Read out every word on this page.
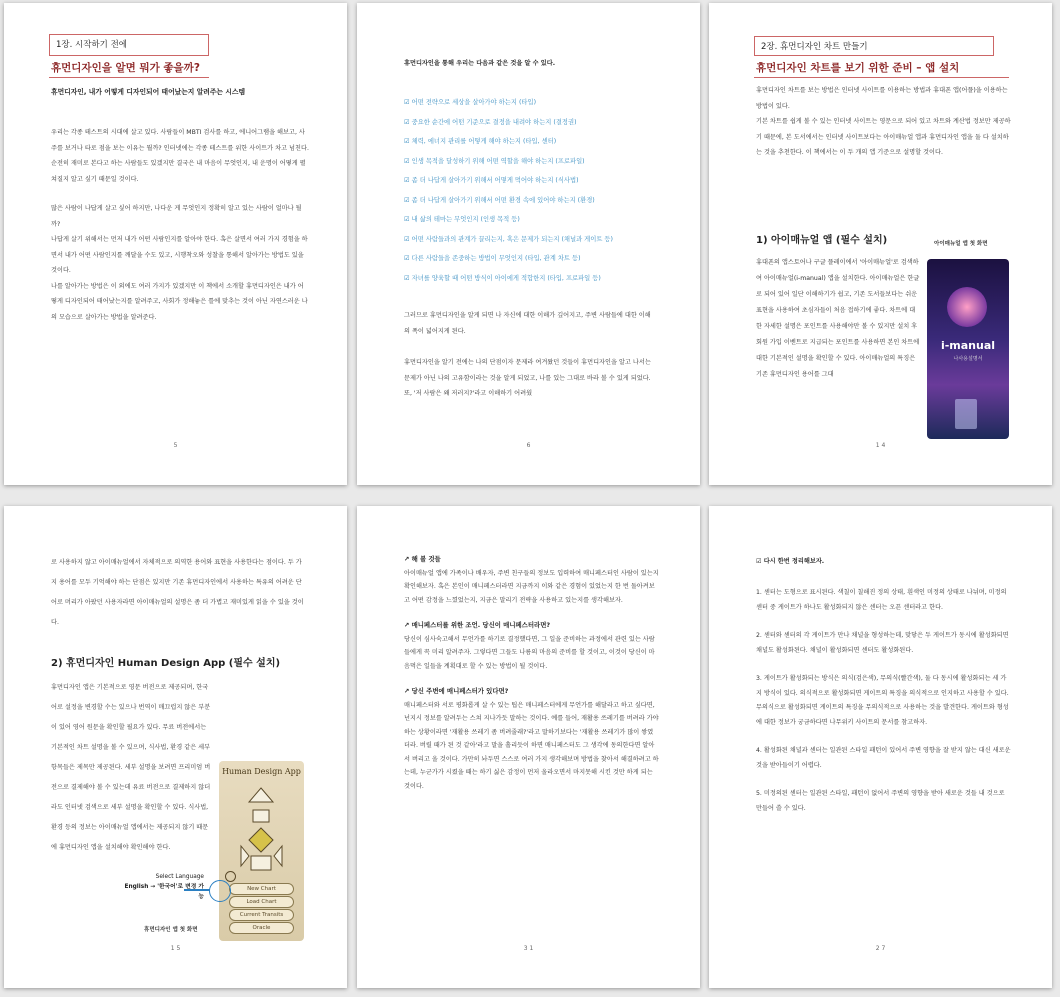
1장. 시작하기 전에
휴먼디자인을 알면 뭐가 좋을까?
휴먼디자인, 내가 어떻게 디자인되어 태어났는지 알려주는 시스템

우리는 각종 테스트의 시대에 살고 있다. 사람들이 MBTI 검사를 하고, 에니어그램을 해보고, 사주를 보거나 타로 점을 보는 이유는 뭘까? 인터넷에는 각종 테스트를 위한 사이트가 차고 넘친다.

순전히 재미로 본다고 하는 사람들도 있겠지만 결국은 내 마음이 무엇인지, 내 운명이 어떻게 펼쳐질지 알고 싶기 때문일 것이다.

많은 사람이 나답게 살고 싶어 하지만, 나다운 게 무엇인지 정확히 알고 있는 사람이 얼마나 될까?

나답게 살기 위해서는 먼저 내가 어떤 사람인지를 알아야 한다. 혹은 살면서 여러 가지 경험을 하면서 내가 어떤 사람인지를 깨달을 수도 있고, 시행착오와 성찰을 통해서 알아가는 방법도 있을 것이다.

나를 알아가는 방법은 이 외에도 여러 가지가 있겠지만 이 책에서 소개할 휴먼디자인은 내가 어떻게 디자인되어 태어났는지를 알려주고, 사회가 정해놓은 틀에 맞추는 것이 아닌 자연스러운 나의 모습으로 살아가는 방법을 알려준다.

5
휴먼디자인을 통해 우리는 다음과 같은 것을 알 수 있다.
☑ 어떤 전략으로 세상을 살아가야 하는지 (타입)
☑ 중요한 순간에 어떤 기준으로 결정을 내려야 하는지 (결정권)
☑ 체력, 에너지 관리를 어떻게 해야 하는지 (타입, 센터)
☑ 인생 목적을 달성하기 위해 어떤 역할을 해야 하는지 (프로파일)
☑ 좀 더 나답게 살아가기 위해서 어떻게 먹어야 하는지 (식사법)
☑ 좀 더 나답게 살아가기 위해서 어떤 환경 속에 있어야 하는지 (환경)
☑ 내 삶의 테마는 무엇인지 (인생 목적 등)
☑ 어떤 사람들과의 관계가 끌리는지, 혹은 문제가 되는지 (채널과 게이트 등)
☑ 다른 사람들을 존중하는 방법이 무엇인지 (타입, 관계 차트 등)
☑ 자녀를 양육할 때 어떤 방식이 아이에게 적합한지 (타입, 프로파일 등)

그러므로 휴먼디자인을 알게 되면 나 자신에 대한 이해가 깊어지고, 주변 사람들에 대한 이해의 폭이 넓어지게 된다.

휴먼디자인을 알기 전에는 나의 단점이자 문제라 여겨왔던 것들이 휴먼디자인을 알고 나서는 문제가 아닌 나의 고유함이라는 것을 알게 되었고, 나를 있는 그대로 바라 볼 수 있게 되었다. 또, '저 사람은 왜 저러지?'라고 이해하기 어려웠

6
2장. 휴먼디자인 차트 만들기
휴먼디자인 차트를 보기 위한 준비 – 앱 설치

휴먼디자인 차트를 보는 방법은 인터넷 사이트를 이용하는 방법과 휴대폰 앱(어플)을 이용하는 방법이 있다.

기본 차트를 쉽게 볼 수 있는 인터넷 사이트는 영문으로 되어 있고 차트와 계산법 정보만 제공하기 때문에, 본 도서에서는 인터넷 사이트보다는 아이매뉴얼 앱과 휴먼디자인 앱을 둘 다 설치하는 것을 추천한다. 이 책에서는 이 두 개의 앱 기준으로 설명할 것이다.

1) 아이매뉴얼 앱 (필수 설치)	아이매뉴얼 앱 첫 화면
휴대폰의 앱스토어나 구글 플레이에서 '아이매뉴얼'로 검색하여 아이매뉴얼(i-manual) 앱을 설치한다. 아이매뉴얼은 한글로 되어 있어 일단 이해하기가 쉽고, 기존 도서들보다는 쉬운 표현을 사용하여 초심자들이 처음 접하기에 좋다. 차트에 대한 자세한 설명은 포인트를 사용해야만 볼 수 있지만 설치 후 회원 가입 이벤트로 지급되는 포인트를 사용하면 본인 차트에 대한 기본적인 설명을 확인할 수 있다. 아이매뉴얼의 특징은 기존 휴먼디자인 용어를 그대
i-manual
나사용설명서
1 4
로 사용하지 않고 아이매뉴얼에서 자체적으로 의역한 용어와 표현을 사용한다는 점이다. 두 가지 용어를 모두 기억해야 하는 단점은 있지만 기존 휴먼디자인에서 사용하는 특유의 어려운 단어로 머리가 아팠던 사용자라면 아이매뉴얼의 설명은 좀 더 가볍고 재미있게 읽을 수 있을 것이다.
2) 휴먼디자인 Human Design App (필수 설치)
휴먼디자인 앱은 기본적으로 영문 버전으로 제공되며, 한국어로 설정을 변경할 수는 있으나 번역이 매끄럽지 않은 부분이 있어 영어 원문을 확인할 필요가 있다. 무료 버전에서는 기본적인 차트 설명을 볼 수 있으며, 식사법, 환경 같은 세부 항목들은 제목만 제공된다. 세부 설명을 보려면 프리미엄 버전으로 결제해야 볼 수 있는데 유료 버전으로 결제하지 않더라도 인터넷 검색으로 세부 설명을 확인할 수 있다. 식사법, 환경 등의 정보는 아이매뉴얼 앱에서는 제공되지 않기 때문에 휴먼디자인 앱을 설치해야 확인해야 한다.
Human Design App
New Chart
Load Chart
Current Transits
Oracle
Select Language
English → '한국어'로 변경 가능
휴먼디자인 앱 첫 화면
1 5
↗ 해 볼 것들

아이매뉴얼 앱에 가족이나 배우자, 주변 친구들의 정보도 입력하여 매니페스터인 사람이 있는지 확인해보자. 혹은 본인이 매니페스터라면 지금까지 이와 같은 경험이 있었는지 한 번 돌아켜보고 어떤 감정을 느꼈었는지, 지금은 말리기 전략을 사용하고 있는지를 생각해보자.

↗ 매니페스터를 위한 조언. 당신이 매니페스터라면?

당신이 심사숙고해서 무언가를 하기로 결정했다면, 그 일을 준비하는 과정에서 관련 있는 사람들에게 꼭 미리 알려주자. 그렇다면 그들도 나름의 마음의 준비를 할 것이고, 이것이 당신이 마음먹은 일들을 계획대로 할 수 있는 방법이 될 것이다.

↗ 당신 주변에 매니페스터가 있다면?

매니페스터와 서로 평화롭게 살 수 있는 팁은 매니페스터에게 무언가를 해달라고 하고 싶다면, 넌지시 정보를 알려두는 스쳐 지나가듯 말하는 것이다. 예를 들어, 재활용 쓰레기를 버려라 가야 하는 상황이라면 '재활용 쓰레기 좀 버려줄래?'라고 말하기보다는 '재활용 쓰레기가 많이 쌓였더라. 버릴 때가 된 것 같아'라고 말을 흘리듯이 하면 매니페스터도 그 생각에 동의한다면 알아서 버리고 올 것이다. 가만히 놔두면 스스로 여러 가지 생각해보며 방법을 찾아서 해결하려고 하는데, 누군가가 시켰을 때는 하기 싫은 감정이 먼저 올라오면서 마지못해 시킨 것만 하게 되는 것이다.

3 1
☑ 다시 한번 정리해보자.

1. 센터는 도형으로 표시된다. 색칠이 칠해진 정의 상태, 흰색인 미정의 상태로 나뉘며, 미정의 센터 중 게이트가 하나도 활성화되지 않은 센터는 오픈 센터라고 한다.

2. 센터와 센터의 각 게이트가 만나 채널을 형성하는데, 맞닿은 두 게이트가 동시에 활성화되면 채널도 활성화된다. 채널이 활성화되면 센터도 활성화된다.

3. 게이트가 활성화되는 방식은 의식(검은색), 무의식(빨간색), 둘 다 동시에 활성화되는 세 가지 방식이 있다. 의식적으로 활성화되면 게이트의 특징을 의식적으로 인지하고 사용할 수 있다. 무의식으로 활성화되면 게이트의 특징을 무의식적으로 사용하는 것을 발견한다. 게이트와 형성에 대한 정보가 궁금하다면 나무위키 사이트의 문서를 참고하자.

4. 활성화된 채널과 센터는 일관된 스타일 패턴이 있어서 주변 영향을 잘 받지 않는 대신 새로운 것을 받아들이기 어렵다.

5. 미정의된 센터는 일관된 스타일, 패턴이 없어서 주변의 영향을 받아 새로운 것들 내 것으로 만들어 쓸 수 있다.

2 7
